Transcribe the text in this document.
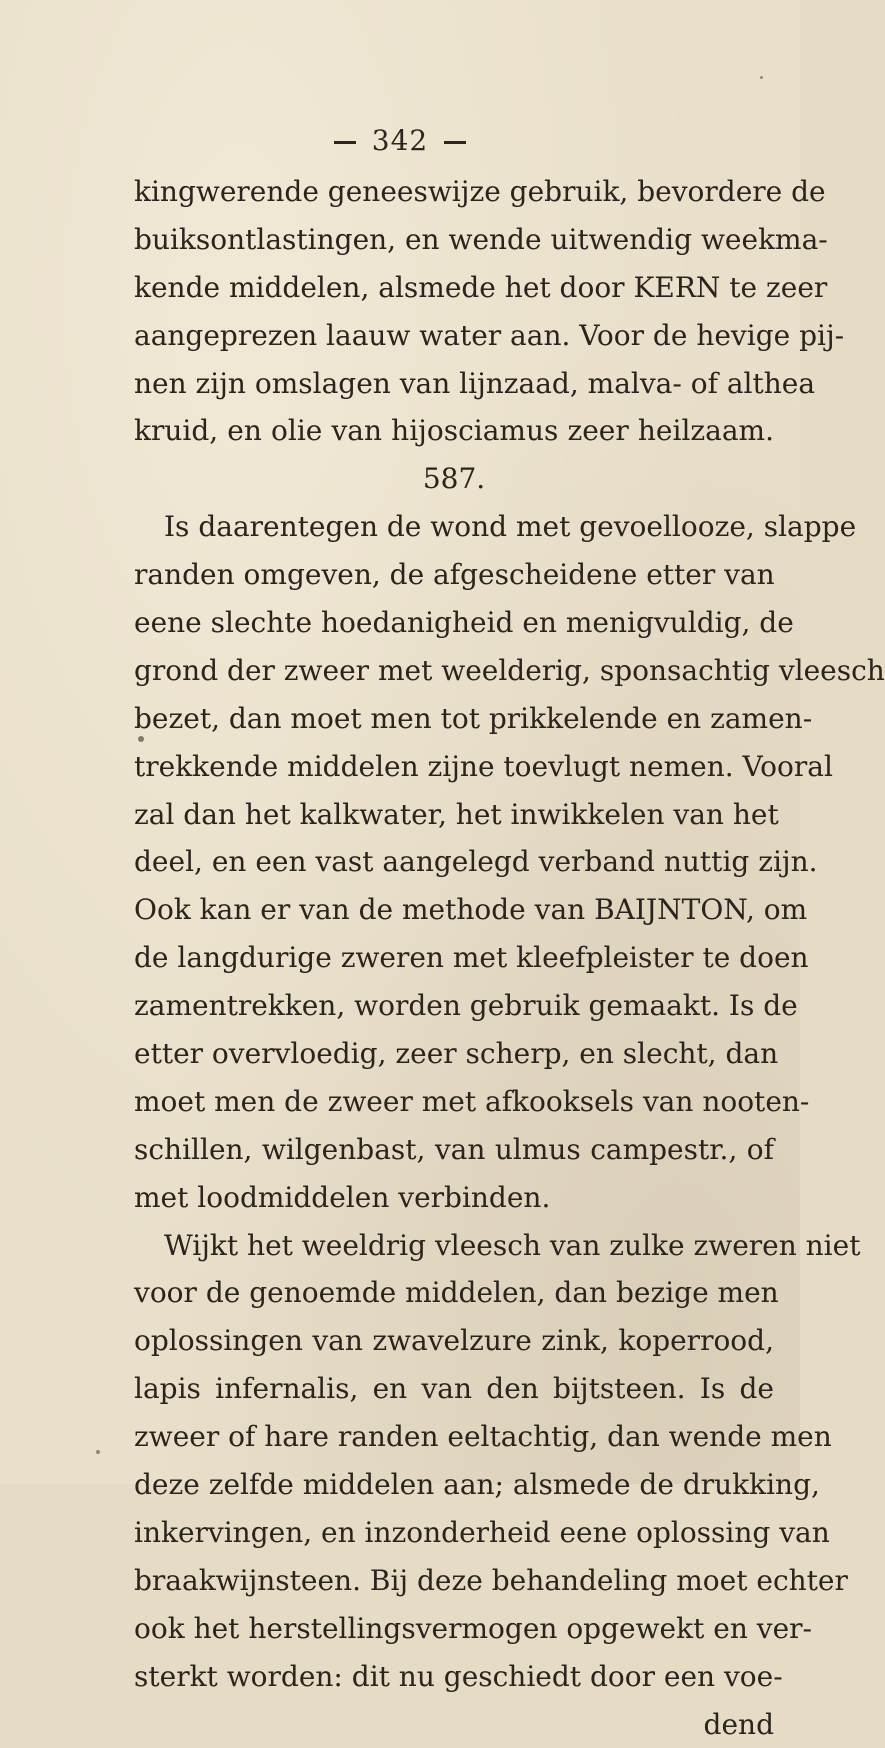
342
kingwerende geneeswijze gebruik, bevordere de
buiksontlastingen, en wende uitwendig weekma-
kende middelen, alsmede het door KERN te zeer
aangeprezen laauw water aan. Voor de hevige pij-
nen zijn omslagen van lijnzaad, malva- of althea
kruid, en olie van hijosciamus zeer heilzaam.
587.
Is daarentegen de wond met gevoellooze, slappe
randen omgeven, de afgescheidene etter van
eene slechte hoedanigheid en menigvuldig, de
grond der zweer met weelderig, sponsachtig vleesch
bezet, dan moet men tot prikkelende en zamen-
trekkende middelen zijne toevlugt nemen. Vooral
zal dan het kalkwater, het inwikkelen van het
deel, en een vast aangelegd verband nuttig zijn.
Ook kan er van de methode van BAIJNTON, om
de langdurige zweren met kleefpleister te doen
zamentrekken, worden gebruik gemaakt. Is de
etter overvloedig, zeer scherp, en slecht, dan
moet men de zweer met afkooksels van nooten-
schillen, wilgenbast, van ulmus campestr., of
met loodmiddelen verbinden.
Wijkt het weeldrig vleesch van zulke zweren niet
voor de genoemde middelen, dan bezige men
oplossingen van zwavelzure zink, koperrood,
lapis infernalis, en van den bijtsteen. Is de
zweer of hare randen eeltachtig, dan wende men
deze zelfde middelen aan; alsmede de drukking,
inkervingen, en inzonderheid eene oplossing van
braakwijnsteen. Bij deze behandeling moet echter
ook het herstellingsvermogen opgewekt en ver-
sterkt worden: dit nu geschiedt door een voe-
dend
